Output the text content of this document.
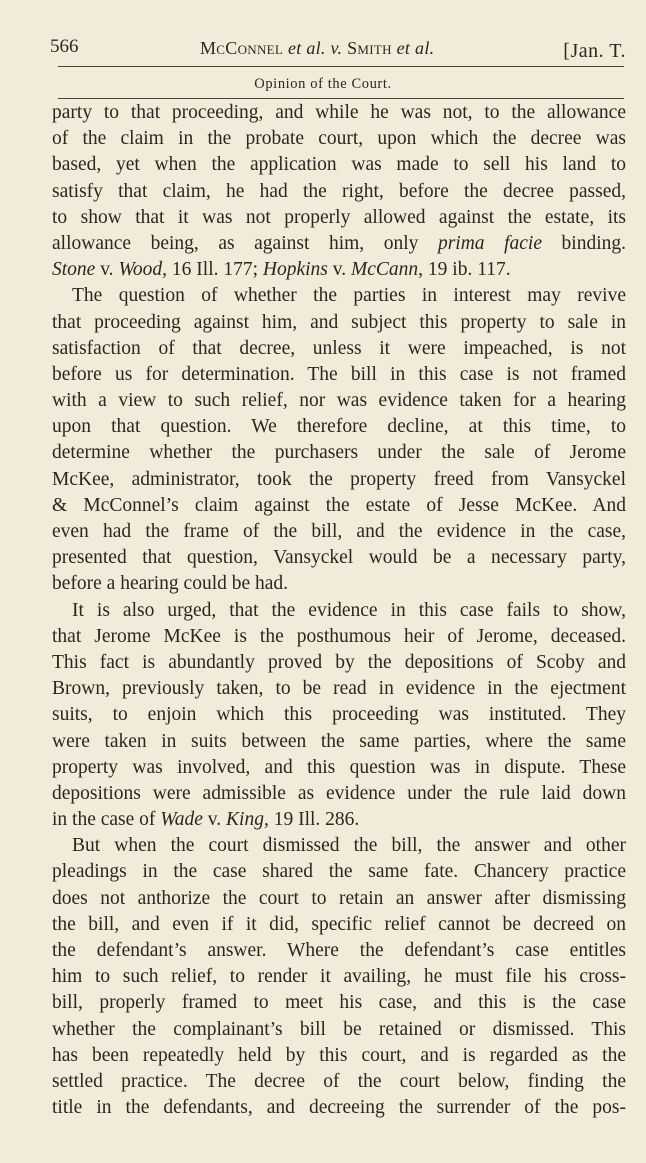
566	McConnel et al. v. Smith et al.	[Jan. T.
Opinion of the Court.
party to that proceeding, and while he was not, to the allowance
of the claim in the probate court, upon which the decree was
based, yet when the application was made to sell his land to
satisfy that claim, he had the right, before the decree passed,
to show that it was not properly allowed against the estate, its
allowance being, as against him, only prima facie binding.
Stone v. Wood, 16 Ill. 177; Hopkins v. McCann, 19 ib. 117.
The question of whether the parties in interest may revive
that proceeding against him, and subject this property to sale in
satisfaction of that decree, unless it were impeached, is not
before us for determination. The bill in this case is not framed
with a view to such relief, nor was evidence taken for a hearing
upon that question. We therefore decline, at this time, to
determine whether the purchasers under the sale of Jerome
McKee, administrator, took the property freed from Vansyckel
& McConnel’s claim against the estate of Jesse McKee. And
even had the frame of the bill, and the evidence in the case,
presented that question, Vansyckel would be a necessary party,
before a hearing could be had.
It is also urged, that the evidence in this case fails to show,
that Jerome McKee is the posthumous heir of Jerome, deceased.
This fact is abundantly proved by the depositions of Scoby and
Brown, previously taken, to be read in evidence in the ejectment
suits, to enjoin which this proceeding was instituted. They
were taken in suits between the same parties, where the same
property was involved, and this question was in dispute. These
depositions were admissible as evidence under the rule laid down
in the case of Wade v. King, 19 Ill. 286.
But when the court dismissed the bill, the answer and other
pleadings in the case shared the same fate. Chancery practice
does not anthorize the court to retain an answer after dismissing
the bill, and even if it did, specific relief cannot be decreed on
the defendant’s answer. Where the defendant’s case entitles
him to such relief, to render it availing, he must file his cross-
bill, properly framed to meet his case, and this is the case
whether the complainant’s bill be retained or dismissed. This
has been repeatedly held by this court, and is regarded as the
settled practice. The decree of the court below, finding the
title in the defendants, and decreeing the surrender of the pos-
